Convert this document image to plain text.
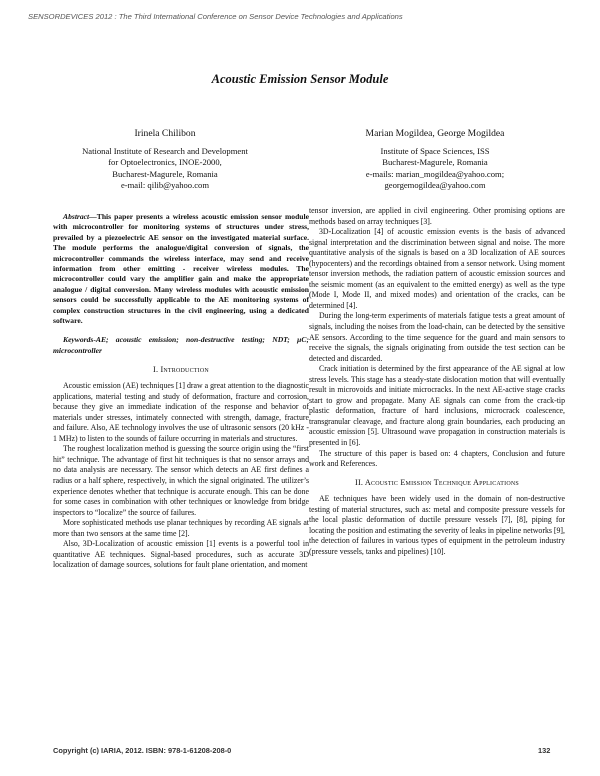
SENSORDEVICES 2012 : The Third International Conference on Sensor Device Technologies and Applications
Acoustic Emission Sensor Module
Irinela Chilibon
National Institute of Research and Development
for Optoelectronics, INOE-2000,
Bucharest-Magurele, Romania
e-mail: qilib@yahoo.com
Marian Mogildea, George Mogildea
Institute of Space Sciences, ISS
Bucharest-Magurele, Romania
e-mails: marian_mogildea@yahoo.com;
georgemogildea@yahoo.com

Abstract—This paper presents a wireless acoustic emission sensor module with microcontroller for monitoring systems of structures under stress, prevailed by a piezoelectric AE sensor on the investigated material surface. The module performs the analogue/digital conversion of signals, the microcontroller commands the wireless interface, may send and receive information from other emitting - receiver wireless modules. The microcontroller could vary the amplifier gain and make the appropriate analogue / digital conversion. Many wireless modules with acoustic emission sensors could be successfully applicable to the AE monitoring systems of complex construction structures in the civil engineering, using a dedicated software.

Keywords-AE; acoustic emission; non-destructive testing; NDT; µC; microcontroller

I. Introduction

Acoustic emission (AE) techniques [1] draw a great attention to the diagnostic applications, material testing and study of deformation, fracture and corrosion, because they give an immediate indication of the response and behavior of materials under stresses, intimately connected with strength, damage, fracture and failure. Also, AE technology involves the use of ultrasonic sensors (20 kHz - 1 MHz) to listen to the sounds of failure occurring in materials and structures.

The roughest localization method is guessing the source origin using the “first hit” technique. The advantage of first hit techniques is that no sensor arrays and no data analysis are necessary. The sensor which detects an AE first defines a radius or a half sphere, respectively, in which the signal originated. The utilizer’s experience denotes whether that technique is accurate enough. This can be done for some cases in combination with other techniques or knowledge from bridge inspectors to “localize” the source of failures.

More sophisticated methods use planar techniques by recording AE signals at more than two sensors at the same time [2].

Also, 3D-Localization of acoustic emission [1] events is a powerful tool in quantitative AE techniques. Signal-based procedures, such as accurate 3D localization of damage sources, solutions for fault plane orientation, and moment

tensor inversion, are applied in civil engineering. Other promising options are methods based on array techniques [3].

3D-Localization [4] of acoustic emission events is the basis of advanced signal interpretation and the discrimination between signal and noise. The more quantitative analysis of the signals is based on a 3D localization of AE sources (hypocenters) and the recordings obtained from a sensor network. Using moment tensor inversion methods, the radiation pattern of acoustic emission sources and the seismic moment (as an equivalent to the emitted energy) as well as the type (Mode I, Mode II, and mixed modes) and orientation of the cracks, can be determined [4].

During the long-term experiments of materials fatigue tests a great amount of signals, including the noises from the load-chain, can be detected by the sensitive AE sensors. According to the time sequence for the guard and main sensors to receive the signals, the signals originating from outside the test section can be detected and discarded.

Crack initiation is determined by the first appearance of the AE signal at low stress levels. This stage has a steady-state dislocation motion that will eventually result in microvoids and initiate microcracks. In the next AE-active stage cracks start to grow and propagate. Many AE signals can come from the crack-tip plastic deformation, fracture of hard inclusions, microcrack coalescence, transgranular cleavage, and fracture along grain boundaries, each producing an acoustic emission [5]. Ultrasound wave propagation in construction materials is presented in [6].

The structure of this paper is based on: 4 chapters, Conclusion and future work and References.

II. Acoustic Emission Technique Applications

AE techniques have been widely used in the domain of non-destructive testing of material structures, such as: metal and composite pressure vessels for the local plastic deformation of ductile pressure vessels [7], [8], piping for locating the position and estimating the severity of leaks in pipeline networks [9], the detection of failures in various types of equipment in the petroleum industry (pressure vessels, tanks and pipelines) [10].

Copyright (c) IARIA, 2012. ISBN: 978-1-61208-208-0	132
